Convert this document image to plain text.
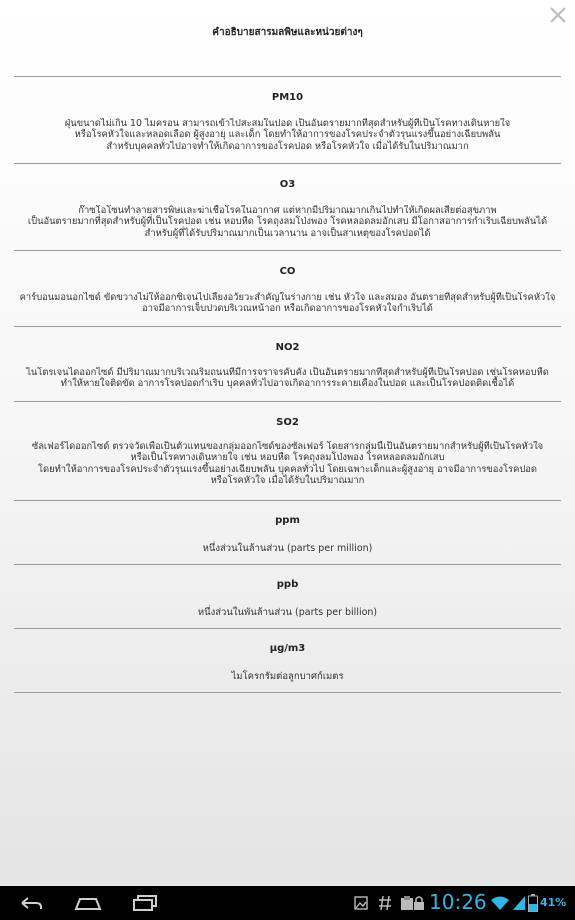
คำอธิบายสารมลพิษและหน่วยต่างๆ
PM10
ฝุ่นขนาดไม่เกิน 10 ไมครอน สามารถเข้าไปสะสมในปอด เป็นอันตรายมากที่สุดสำหรับผู้ที่เป็นโรคทางเดินหายใจ
หรือโรคหัวใจและหลอดเลือด ผู้สูงอายุ และเด็ก โดยทำให้อาการของโรคประจำตัวรุนแรงขึ้นอย่างเฉียบพลัน
สำหรับบุคคลทั่วไปอาจทำให้เกิดอาการของโรคปอด หรือโรคหัวใจ เมื่อได้รับในปริมาณมาก
O3
ก๊าซโอโซนทำลายสารพิษและฆ่าเชื้อโรคในอากาศ แต่หากมีปริมาณมากเกินไปทำให้เกิดผลเสียต่อสุขภาพ
เป็นอันตรายมากที่สุดสำหรับผู้ที่เป็นโรคปอด เช่น หอบหืด โรคถุงลมโป่งพอง โรคหลอดลมอักเสบ มีโอกาสอาการกำเริบเฉียบพลันได้
สำหรับผู้ที่ได้รับปริมาณมากเป็นเวลานาน อาจเป็นสาเหตุของโรคปอดได้
CO
คาร์บอนมอนอกไซด์ ขัดขวางไม่ให้ออกซิเจนไปเลี้ยงอวัยวะสำคัญในร่างกาย เช่น หัวใจ และสมอง อันตรายที่สุดสำหรับผู้ที่เป็นโรคหัวใจ
อาจมีอาการเจ็บปวดบริเวณหน้าอก หรือเกิดอาการของโรคหัวใจกำเริบได้
NO2
ไนโตรเจนไดออกไซด์ มีปริมาณมากบริเวณริมถนนที่มีการจราจรคับคั่ง เป็นอันตรายมากที่สุดสำหรับผู้ที่เป็นโรคปอด เช่นโรคหอบหืด
ทำให้หายใจติดขัด อาการโรคปอดกำเริบ บุคคลทั่วไปอาจเกิดอาการระคายเคืองในปอด และเป็นโรคปอดติดเชื้อได้
SO2
ซัลเฟอร์ไดออกไซด์ ตรวจวัดเพื่อเป็นตัวแทนของกลุ่มออกไซด์ของซัลเฟอร์ โดยสารกลุ่มนี้เป็นอันตรายมากสำหรับผู้ที่เป็นโรคหัวใจ
หรือเป็นโรคทางเดินหายใจ เช่น หอบหืด โรคถุงลมโป่งพอง โรคหลอดลมอักเสบ
โดยทำให้อาการของโรคประจำตัวรุนแรงขึ้นอย่างเฉียบพลัน บุคคลทั่วไป โดยเฉพาะเด็กและผู้สูงอายุ อาจมีอาการของโรคปอด
หรือโรคหัวใจ เมื่อได้รับในปริมาณมาก
ppm
หนึ่งส่วนในล้านส่วน (parts per million)
ppb
หนึ่งส่วนในพันล้านส่วน (parts per billion)
µg/m3
ไมโครกรัมต่อลูกบาศก์เมตร
10:26	41%
